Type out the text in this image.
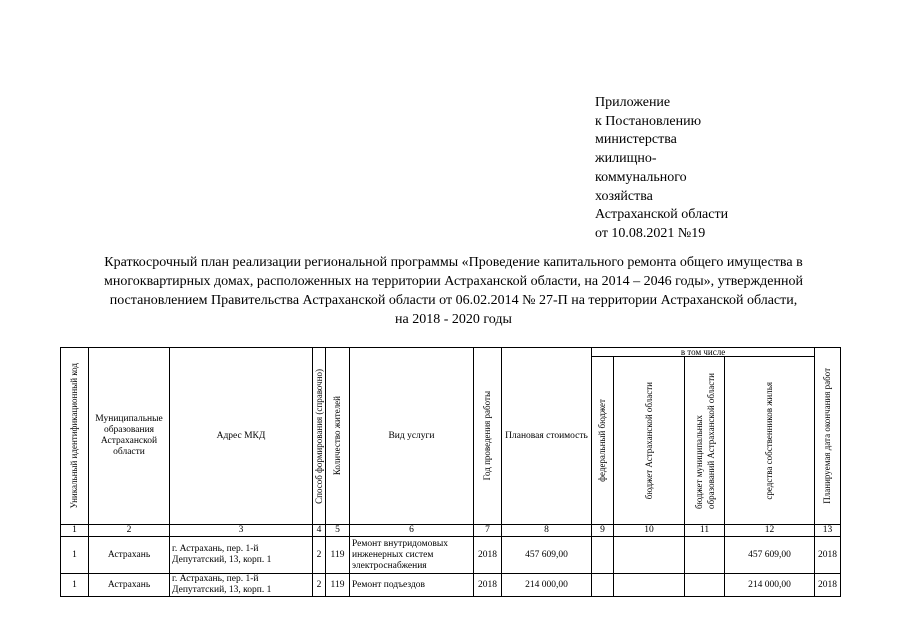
Приложение
к Постановлению
министерства
жилищно-
коммунального
хозяйства
Астраханской области
от 10.08.2021 №19
Краткосрочный план реализации региональной программы «Проведение капитального ремонта общего имущества в
многоквартирных домах, расположенных на территории Астраханской области, на 2014 – 2046 годы», утвержденной
постановлением Правительства Астраханской области от 06.02.2014 № 27-П на территории Астраханской области,
на 2018 - 2020 годы
Уникальный идентификационный код	Муниципальные образования Астраханской области	Адрес МКД	Способ формирования (справочно)	Количество жителей	Вид услуги	Год проведения работы	Плановая стоимость	в том числе				Планируемая дата окончания работ

								федеральный бюджет	бюджет Астраханской области	бюджет муниципальных образований Астраханской области	средства собственников жилья	

1	2	3	4	5	6	7	8	9	10	11	12	13
1	Астрахань	г. Астрахань, пер. 1-й Депутатский, 13, корп. 1	2	119	Ремонт внутридомовых инженерных систем электроснабжения	2018	457 609,00				457 609,00	2018
1	Астрахань	г. Астрахань, пер. 1-й Депутатский, 13, корп. 1	2	119	Ремонт подъездов	2018	214 000,00				214 000,00	2018
